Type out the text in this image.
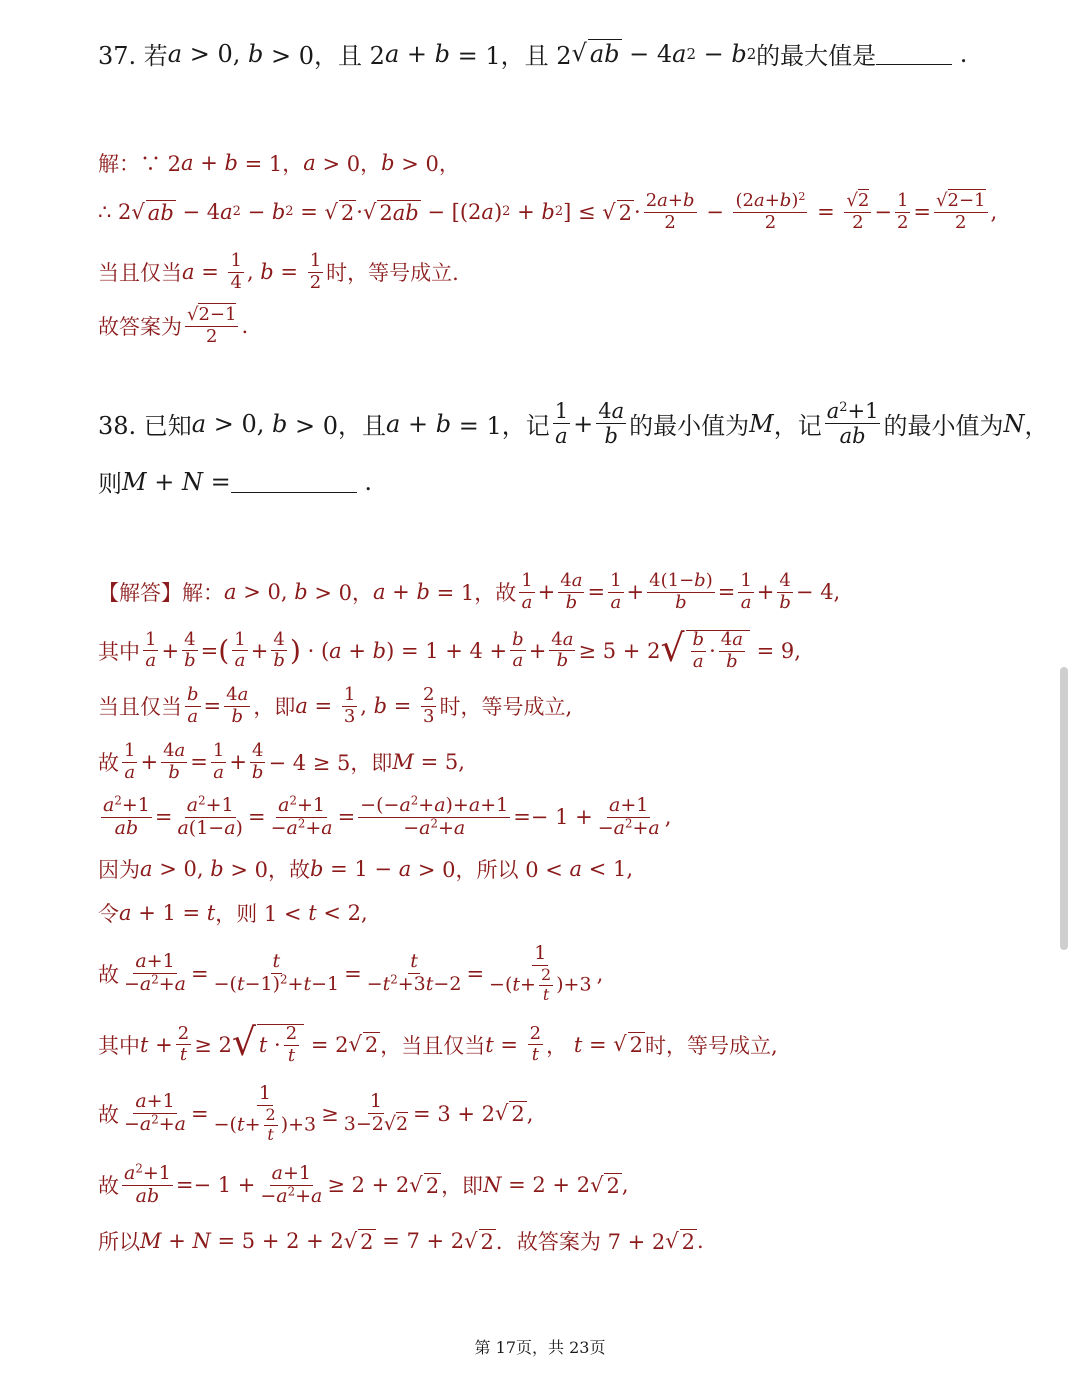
37. 若 a > 0, b > 0，且 2 a + b = 1，且 2 √ ab − 4 a 2 − b 2 的最大值是	.
解：∵ 2 a + b = 1， a > 0， b > 0，
∴ 2 √ ab − 4 a 2 − b 2 = √ 2 · √ 2ab − [(2 a ) 2 + b 2 ] ≤ √ $2 \cdot \frac{2a+b}{2} - \frac{(2a+b)^2}{2} = \frac{√2}{2} - \frac{1}{2} = \frac{√2-1}{2}$ ,
当且仅当 $a = \frac{1}{4}$ , $b = \frac{1}{2}$ 时，等号成立.
故答案为 $\frac{√2-1}{2}$ .
38. 已知 a > 0, b > 0，且 a + b = 1，记 $\frac{1}{a} + \frac{4a}{b}$ 的最小值为 M ，记 $\frac{a^2+1}{ab}$ 的最小值为 N ，
则 M + N =	.
【解答】 解： a > 0, b > 0， a + b = 1，故 $\frac{1}{a} + \frac{4a}{b} = \frac{1}{a} + \frac{4(1-b)}{b} = \frac{1}{a} + \frac{4}{b} - 4$,
其中 $\frac{1}{a} + \frac{4}{b}$ = ( $\frac{1}{a} + \frac{4}{b}$ ) · ( a + b ) = $1 + 4 + \frac{b}{a} + \frac{4a}{b} \ge 5 + 2$ √ $\frac{b}{a} \cdot \frac{4a}{b} = 9$,
当且仅当 $\frac{b}{a} = \frac{4a}{b}$ ，即 $a = \frac{1}{3}$ , $b = \frac{2}{3}$ 时，等号成立,
故 $\frac{1}{a} + \frac{4a}{b} = \frac{1}{a} + \frac{4}{b} - 4 \ge 5$，即 M = 5,
$\frac{a^2+1}{ab} = \frac{a^2+1}{a(1-a)} = \frac{a^2+1}{-a^2+a} = \frac{-(-a^2+a)+a+1}{-a^2+a} =- 1 + \frac{a+1}{-a^2+a}$ ,
因为 a > 0, b > 0，故 b = 1 − a > 0，所以 0 < a < 1,
令 a + 1 = t ，则 1 < t < 2,
故 $\frac{a+1}{-a^2+a} = \frac{t}{-(t-1)^2+t-1} = \frac{t}{-t^2+3t-2} = \frac{1}{-(t+ \frac{2}{t} )+3}$ ,
其中 $t + \frac{2}{t} \ge 2$ √ $t \cdot \frac{2}{t} = 2$ √ 2 ，当且仅当 $t = \frac{2}{t}$ ， t = √ 2 时，等号成立,
故 $\frac{a+1}{-a^2+a} = \frac{1}{-(t+ \frac{2}{t} )+3} \ge \frac{1}{3-2√2} = 3 + 2$ √ 2 ,
故 $\frac{a^2+1}{ab} =- 1 + \frac{a+1}{-a^2+a} \ge 2 + 2$ √ 2 ，即 N = 2 + 2 √ 2 ,
所以 M + N = 5 + 2 + 2 √ 2 = 7 + 2 √ 2 ．故答案为 7 + 2 √ 2 .
第 17页，共 23页
